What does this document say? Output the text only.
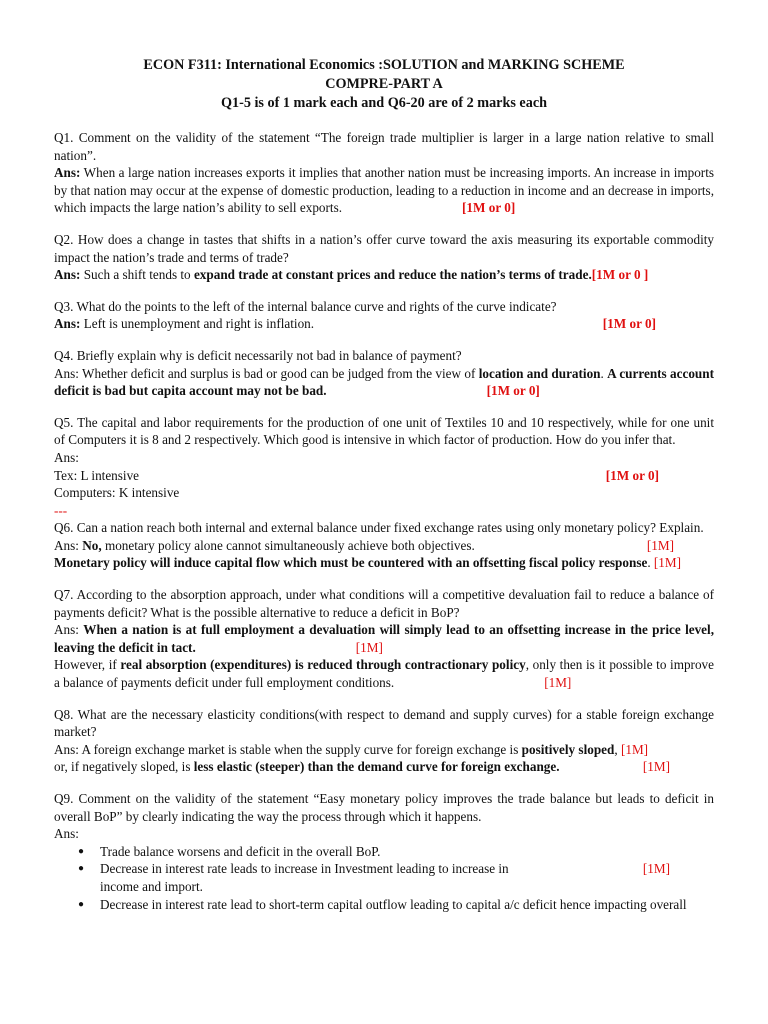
ECON F311: International Economics :SOLUTION and MARKING SCHEME
COMPRE-PART A
Q1-5 is of 1 mark each and Q6-20 are of 2 marks each

Q1. Comment on the validity of the statement “The foreign trade multiplier is larger in a large nation relative to small nation”.

Ans: When a large nation increases exports it implies that another nation must be increasing imports. An increase in imports by that nation may occur at the expense of domestic production, leading to a reduction in income and an decrease in imports, which impacts the large nation’s ability to sell exports.	[1M or 0]

Q2. How does a change in tastes that shifts in a nation’s offer curve toward the axis measuring its exportable commodity impact the nation’s trade and terms of trade?

Ans: Such a shift tends to expand trade at constant prices and reduce the nation’s terms of trade.[1M or 0 ]

Q3. What do the points to the left of the internal balance curve and rights of the curve indicate?

Ans: Left is unemployment and right is inflation.	[1M or 0]

Q4. Briefly explain why is deficit necessarily not bad in balance of payment?

Ans: Whether deficit and surplus is bad or good can be judged from the view of location and duration. A currents account deficit is bad but capita account may not be bad.	[1M or 0]

Q5. The capital and labor requirements for the production of one unit of Textiles 10 and 10 respectively, while for one unit of Computers it is 8 and 2 respectively. Which good is intensive in which factor of production. How do you infer that.

Ans:
Tex: L intensive	[1M or 0]
Computers: K intensive
---

Q6. Can a nation reach both internal and external balance under fixed exchange rates using only monetary policy? Explain.

Ans: No, monetary policy alone cannot simultaneously achieve both objectives.	[1M]
Monetary policy will induce capital flow which must be countered with an offsetting fiscal policy response. [1M]

Q7. According to the absorption approach, under what conditions will a competitive devaluation fail to reduce a balance of payments deficit? What is the possible alternative to reduce a deficit in BoP?

Ans: When a nation is at full employment a devaluation will simply lead to an offsetting increase in the price level, leaving the deficit in tact.	[1M]

However, if real absorption (expenditures) is reduced through contractionary policy, only then is it possible to improve a balance of payments deficit under full employment conditions.	[1M]

Q8. What are the necessary elasticity conditions(with respect to demand and supply curves) for a stable foreign exchange market?

Ans: A foreign exchange market is stable when the supply curve for foreign exchange is positively sloped, [1M]
or, if negatively sloped, is less elastic (steeper) than the demand curve for foreign exchange.	[1M]

Q9. Comment on the validity of the statement “Easy monetary policy improves the trade balance but leads to deficit in overall BoP” by clearly indicating the way the process through which it happens.

Ans:
● Trade balance worsens and deficit in the overall BoP.
● Decrease in interest rate leads to increase in Investment leading to increase in	[1M]
income and import.
● Decrease in interest rate lead to short-term capital outflow leading to capital a/c deficit hence impacting overall
